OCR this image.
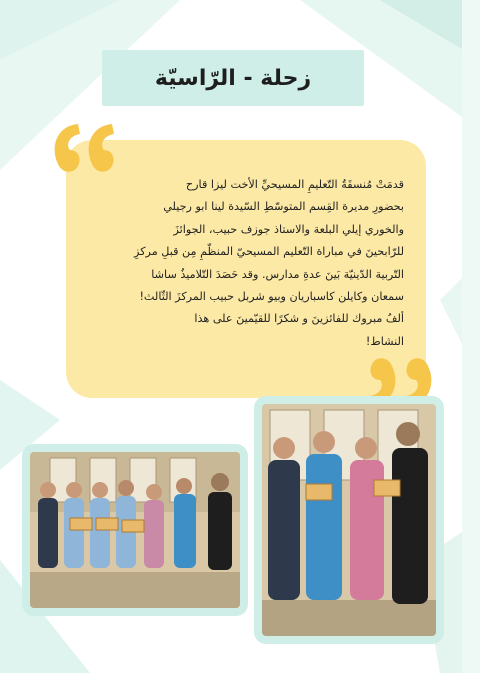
زحلة - الرّاسيّة
قدمَتْ مُنسقَةُ التّعليمِ المسيحيِّ الأخت ليزا قارح
بحضورِ مديرة القِسم المتوسّطِ السّيدة لينا ابو رجيلي
والخوري إيلي البلعة والاستاذ جوزف حبيب، الجوائزَ
للرّابحينَ في مباراة التّعليم المسيحيّ المنظّمِ مِن قبلِ مركزِ
التّربية الدّينيّة بَينَ عدةِ مدارس. وقد حَصَدَ التّلاميذُ ساشا
سمعان وكايلن كاسباريان وبيو شربل حبيب المركزَ الثّالث!
ألفُ مبروك للفائزينَ و شكرًا للقيّمينَ على هذا
النشاط!
